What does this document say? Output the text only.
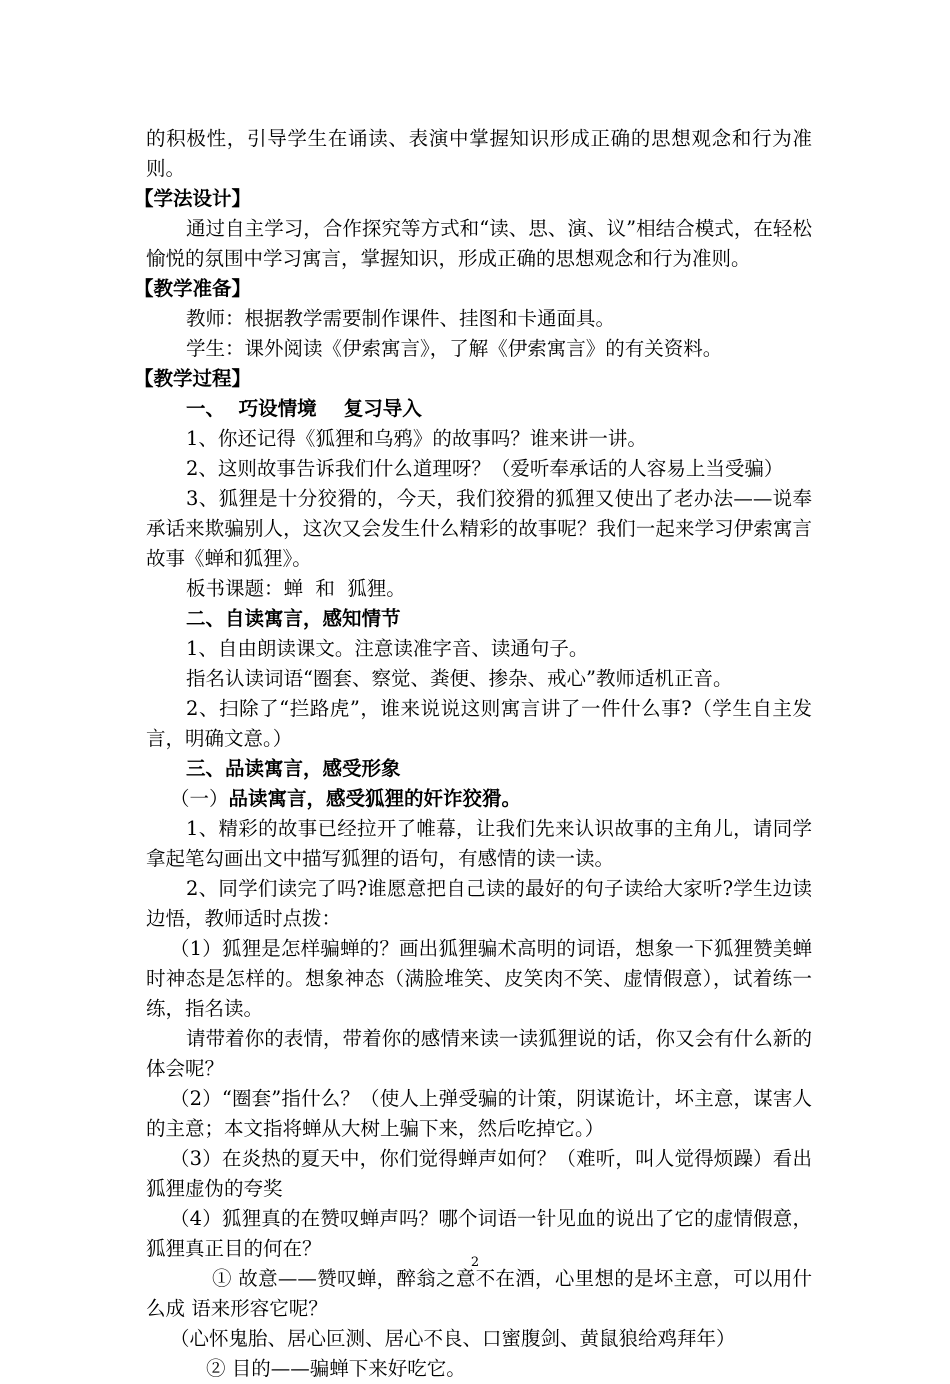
的积极性，引导学生在诵读、表演中掌握知识形成正确的思想观念和行为准则。

【学法设计】

通过自主学习，合作探究等方式和“读、思、演、议”相结合模式，在轻松愉悦的氛围中学习寓言，掌握知识，形成正确的思想观念和行为准则。

【教学准备】

教师：根据教学需要制作课件、挂图和卡通面具。

学生：课外阅读《伊索寓言》，了解《伊索寓言》的有关资料。

【教学过程】

一、  巧设情境    复习导入

1、你还记得《狐狸和乌鸦》的故事吗？谁来讲一讲。

2、这则故事告诉我们什么道理呀？（爱听奉承话的人容易上当受骗）

3、狐狸是十分狡猾的，今天，我们狡猾的狐狸又使出了老办法——说奉承话来欺骗别人，这次又会发生什么精彩的故事呢？我们一起来学习伊索寓言故事《蝉和狐狸》。

板书课题：蝉  和  狐狸。

二、自读寓言，感知情节

1、自由朗读课文。注意读准字音、读通句子。

指名认读词语“圈套、察觉、粪便、掺杂、戒心”教师适机正音。

2、扫除了“拦路虎”，谁来说说这则寓言讲了一件什么事?（学生自主发言，明确文意。）

三、品读寓言，感受形象

（一）品读寓言，感受狐狸的奸诈狡猾。

1、精彩的故事已经拉开了帷幕，让我们先来认识故事的主角儿，请同学拿起笔勾画出文中描写狐狸的语句，有感情的读一读。

2、同学们读完了吗?谁愿意把自己读的最好的句子读给大家听?学生边读边悟，教师适时点拨：

（1）狐狸是怎样骗蝉的？画出狐狸骗术高明的词语，想象一下狐狸赞美蝉时神态是怎样的。想象神态（满脸堆笑、皮笑肉不笑、虚情假意），试着练一练，指名读。

请带着你的表情，带着你的感情来读一读狐狸说的话，你又会有什么新的体会呢？

（2）“圈套”指什么？（使人上弹受骗的计策，阴谋诡计，坏主意，谋害人的主意；本文指将蝉从大树上骗下来，然后吃掉它。）

（3）在炎热的夏天中，你们觉得蝉声如何？（难听，叫人觉得烦躁）看出狐狸虚伪的夸奖

（4）狐狸真的在赞叹蝉声吗？哪个词语一针见血的说出了它的虚情假意，狐狸真正目的何在？

① 故意——赞叹蝉，醉翁之意不在酒，心里想的是坏主意，可以用什么成 语来形容它呢？

（心怀鬼胎、居心叵测、居心不良、口蜜腹剑、黄鼠狼给鸡拜年）

② 目的——骗蝉下来好吃它。

2
